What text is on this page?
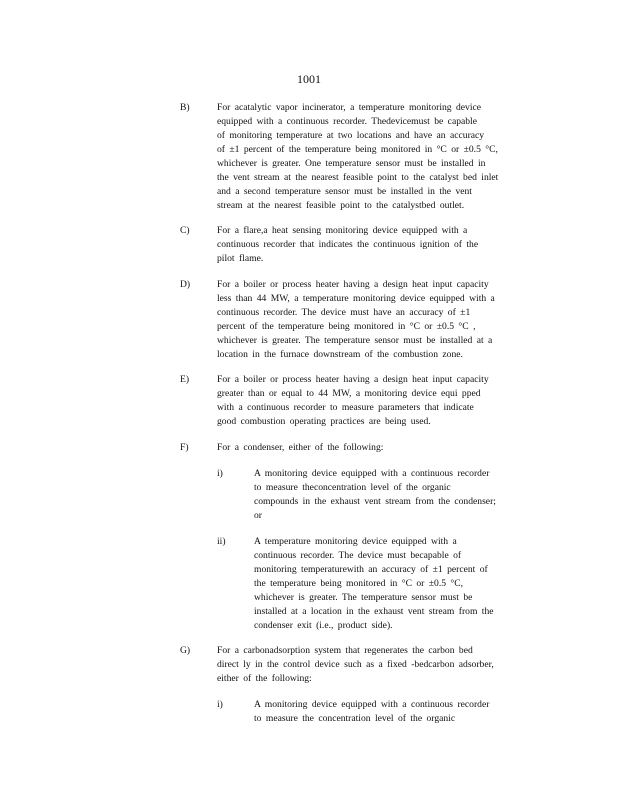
1001
B)	For acatalytic vapor incinerator, a temperature monitoring device
equipped with a continuous recorder. Thedevicemust be capable
of monitoring temperature at two locations and have an accuracy
of ±1 percent of the temperature being monitored in °C or ±0.5 °C,
whichever is greater. One temperature sensor must be installed in
the vent stream at the nearest feasible point to the catalyst bed inlet
and a second temperature sensor must be installed in the vent
stream at the nearest feasible point to the catalystbed outlet.
C)	For a flare,a heat sensing monitoring device equipped with a
continuous recorder that indicates the continuous ignition of the
pilot flame.
D)	For a boiler or process heater having a design heat input capacity
less than 44 MW, a temperature monitoring device equipped with a
continuous recorder. The device must have an accuracy of ±1
percent of the temperature being monitored in °C or ±0.5 °C ,
whichever is greater. The temperature sensor must be installed at a
location in the furnace downstream of the combustion zone.
E)	For a boiler or process heater having a design heat input capacity
greater than or equal to 44 MW, a monitoring device equi pped
with a continuous recorder to measure parameters that indicate
good combustion operating practices are being used.
F)	For a condenser, either of the following:
i)	A monitoring device equipped with a continuous recorder
to measure theconcentration level of the organic
compounds in the exhaust vent stream from the condenser;
or
ii)	A temperature monitoring device equipped with a
continuous recorder. The device must becapable of
monitoring temperaturewith an accuracy of ±1 percent of
the temperature being monitored in °C or ±0.5 °C,
whichever is greater. The temperature sensor must be
installed at a location in the exhaust vent stream from the
condenser exit (i.e., product side).
G)	For a carbonadsorption system that regenerates the carbon bed
direct ly in the control device such as a fixed -bedcarbon adsorber,
either of the following:
i)	A monitoring device equipped with a continuous recorder
to measure the concentration level of the organic
